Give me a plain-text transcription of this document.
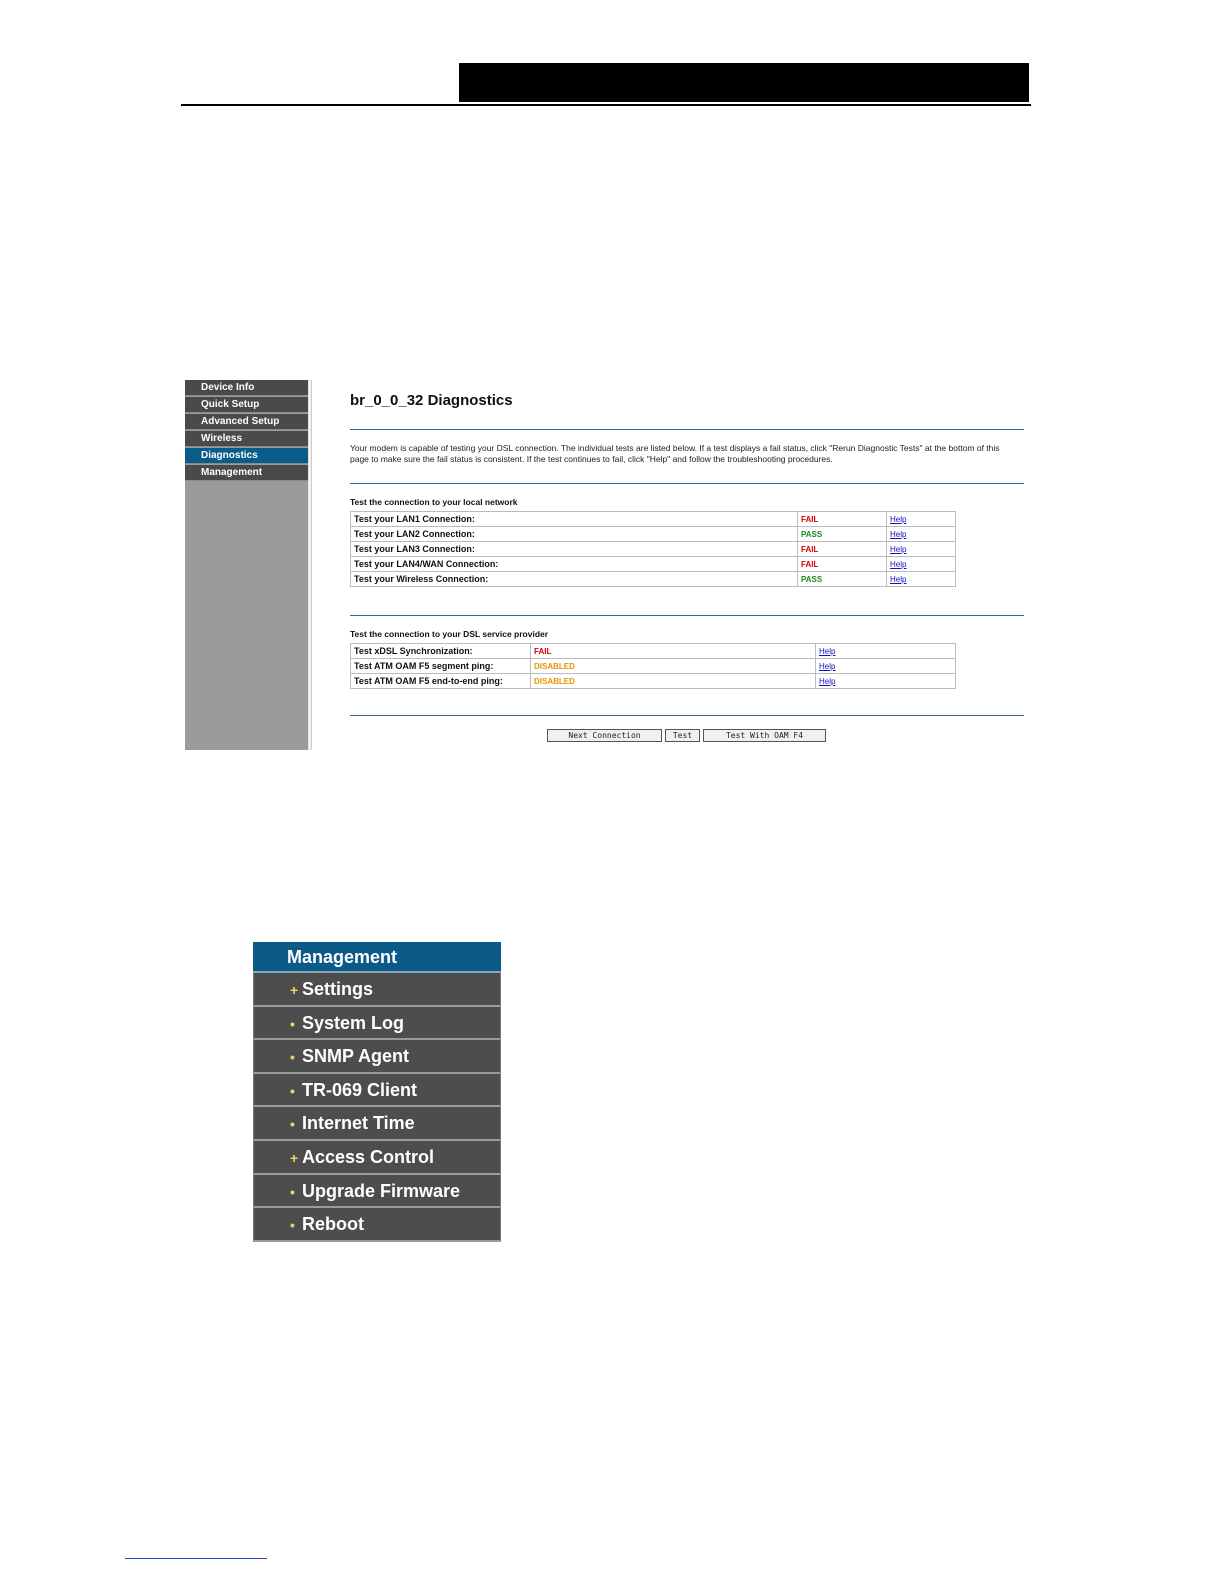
Device Info
Quick Setup
Advanced Setup
Wireless
Diagnostics
Management
br_0_0_32 Diagnostics
Your modem is capable of testing your DSL connection. The individual tests are listed below. If a test displays a fail status, click "Rerun Diagnostic Tests" at the bottom of this page to make sure the fail status is consistent. If the test continues to fail, click "Help" and follow the troubleshooting procedures.
Test the connection to your local network
Test your LAN1 Connection:	FAIL	Help
Test your LAN2 Connection:	PASS	Help
Test your LAN3 Connection:	FAIL	Help
Test your LAN4/WAN Connection:	FAIL	Help
Test your Wireless Connection:	PASS	Help
Test the connection to your DSL service provider
Test xDSL Synchronization:	FAIL	Help
Test ATM OAM F5 segment ping:	DISABLED	Help
Test ATM OAM F5 end-to-end ping:	DISABLED	Help
Next Connection	Test	Test With OAM F4
Management
+ Settings
• System Log
• SNMP Agent
• TR-069 Client
• Internet Time
+ Access Control
• Upgrade Firmware
• Reboot
